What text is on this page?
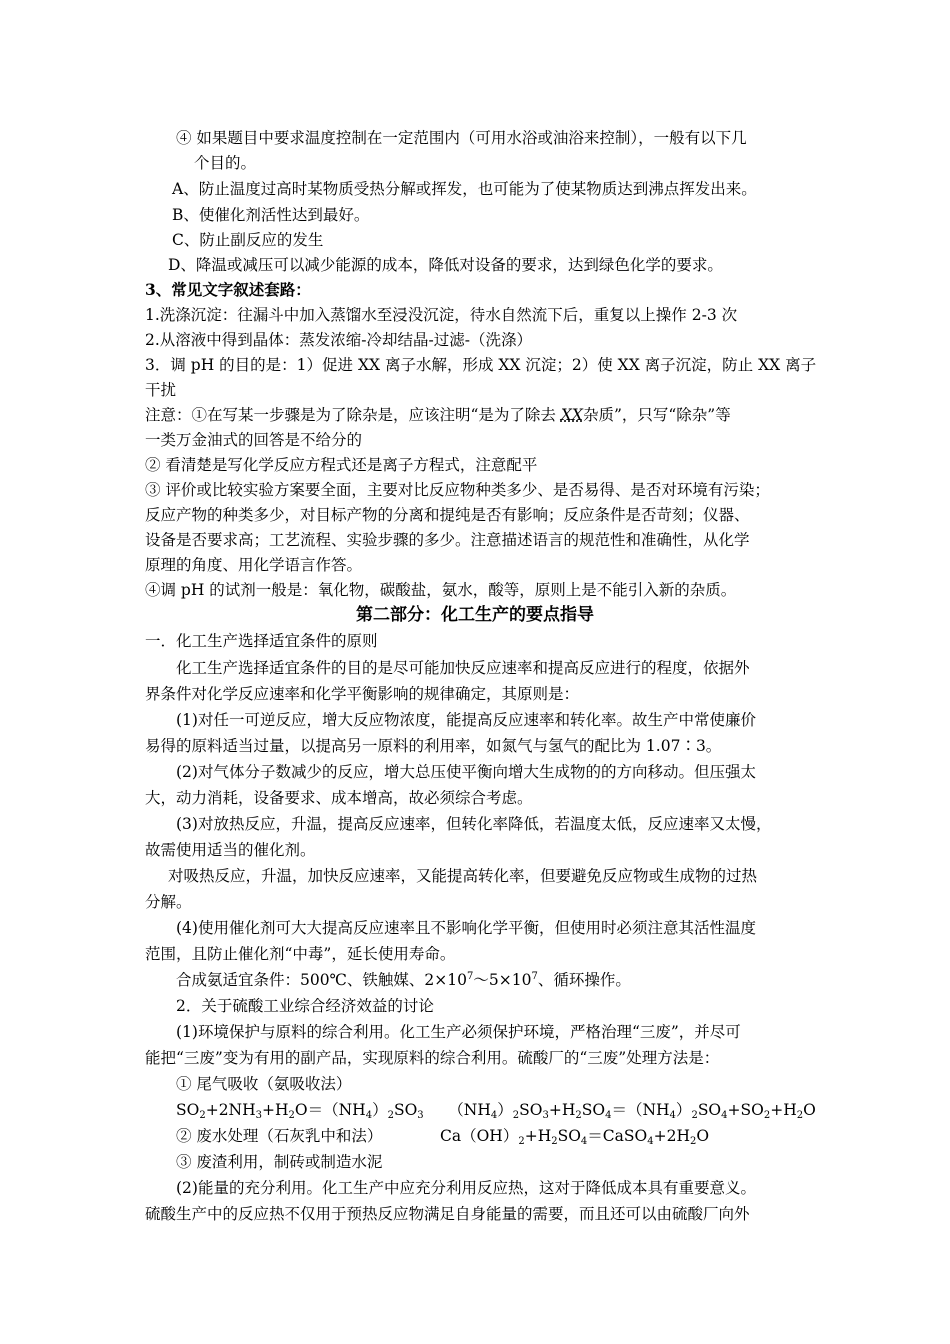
④ 如果题目中要求温度控制在一定范围内（可用水浴或油浴来控制），一般有以下几
个目的。
A、防止温度过高时某物质受热分解或挥发，也可能为了使某物质达到沸点挥发出来。
B、使催化剂活性达到最好。
C、防止副反应的发生
D、降温或减压可以减少能源的成本，降低对设备的要求，达到绿色化学的要求。
3、常见文字叙述套路：
1.洗涤沉淀：往漏斗中加入蒸馏水至浸没沉淀，待水自然流下后，重复以上操作 2-3 次
2.从溶液中得到晶体：蒸发浓缩-冷却结晶-过滤-（洗涤）
3．调 pH 的目的是：1）促进 XX 离子水解，形成 XX 沉淀；2）使 XX 离子沉淀，防止 XX 离子
干扰
注意：①在写某一步骤是为了除杂是，应该注明“是为了除去 XX杂质”，只写“除杂”等
一类万金油式的回答是不给分的
② 看清楚是写化学反应方程式还是离子方程式，注意配平
③ 评价或比较实验方案要全面，主要对比反应物种类多少、是否易得、是否对环境有污染；
反应产物的种类多少，对目标产物的分离和提纯是否有影响；反应条件是否苛刻；仪器、
设备是否要求高；工艺流程、实验步骤的多少。注意描述语言的规范性和准确性，从化学
原理的角度、用化学语言作答。
④调 pH 的试剂一般是：氧化物，碳酸盐，氨水，酸等，原则上是不能引入新的杂质。
第二部分：化工生产的要点指导
一．化工生产选择适宜条件的原则
化工生产选择适宜条件的目的是尽可能加快反应速率和提高反应进行的程度，依据外
界条件对化学反应速率和化学平衡影响的规律确定，其原则是：
(1)对任一可逆反应，增大反应物浓度，能提高反应速率和转化率。故生产中常使廉价
易得的原料适当过量，以提高另一原料的利用率，如氮气与氢气的配比为 1.07∶3。
(2)对气体分子数减少的反应，增大总压使平衡向增大生成物的的方向移动。但压强太
大，动力消耗，设备要求、成本增高，故必须综合考虑。
(3)对放热反应，升温，提高反应速率，但转化率降低，若温度太低，反应速率又太慢，
故需使用适当的催化剂。
对吸热反应，升温，加快反应速率，又能提高转化率，但要避免反应物或生成物的过热
分解。
(4)使用催化剂可大大提高反应速率且不影响化学平衡，但使用时必须注意其活性温度
范围，且防止催化剂“中毒”，延长使用寿命。
合成氨适宜条件：500℃、铁触媒、$2\times 10^7\sim 5\times 10^7$、循环操作。
2．关于硫酸工业综合经济效益的讨论
(1)环境保护与原料的综合利用。化工生产必须保护环境，严格治理“三废”，并尽可
能把“三废”变为有用的副产品，实现原料的综合利用。硫酸厂的“三废”处理方法是：
① 尾气吸收（氨吸收法）
$SO_2+2NH_3+H_2O=(NH_4)_2SO_3$     $(NH_4)_2SO_3+H_2SO_4=(NH_4)_2SO_4+SO_2+H_2O$
② 废水处理（石灰乳中和法）	$Ca(OH)_2+H_2SO_4=CaSO_4+2H_2O$
③ 废渣利用，制砖或制造水泥
(2)能量的充分利用。化工生产中应充分利用反应热，这对于降低成本具有重要意义。
硫酸生产中的反应热不仅用于预热反应物满足自身能量的需要，而且还可以由硫酸厂向外
